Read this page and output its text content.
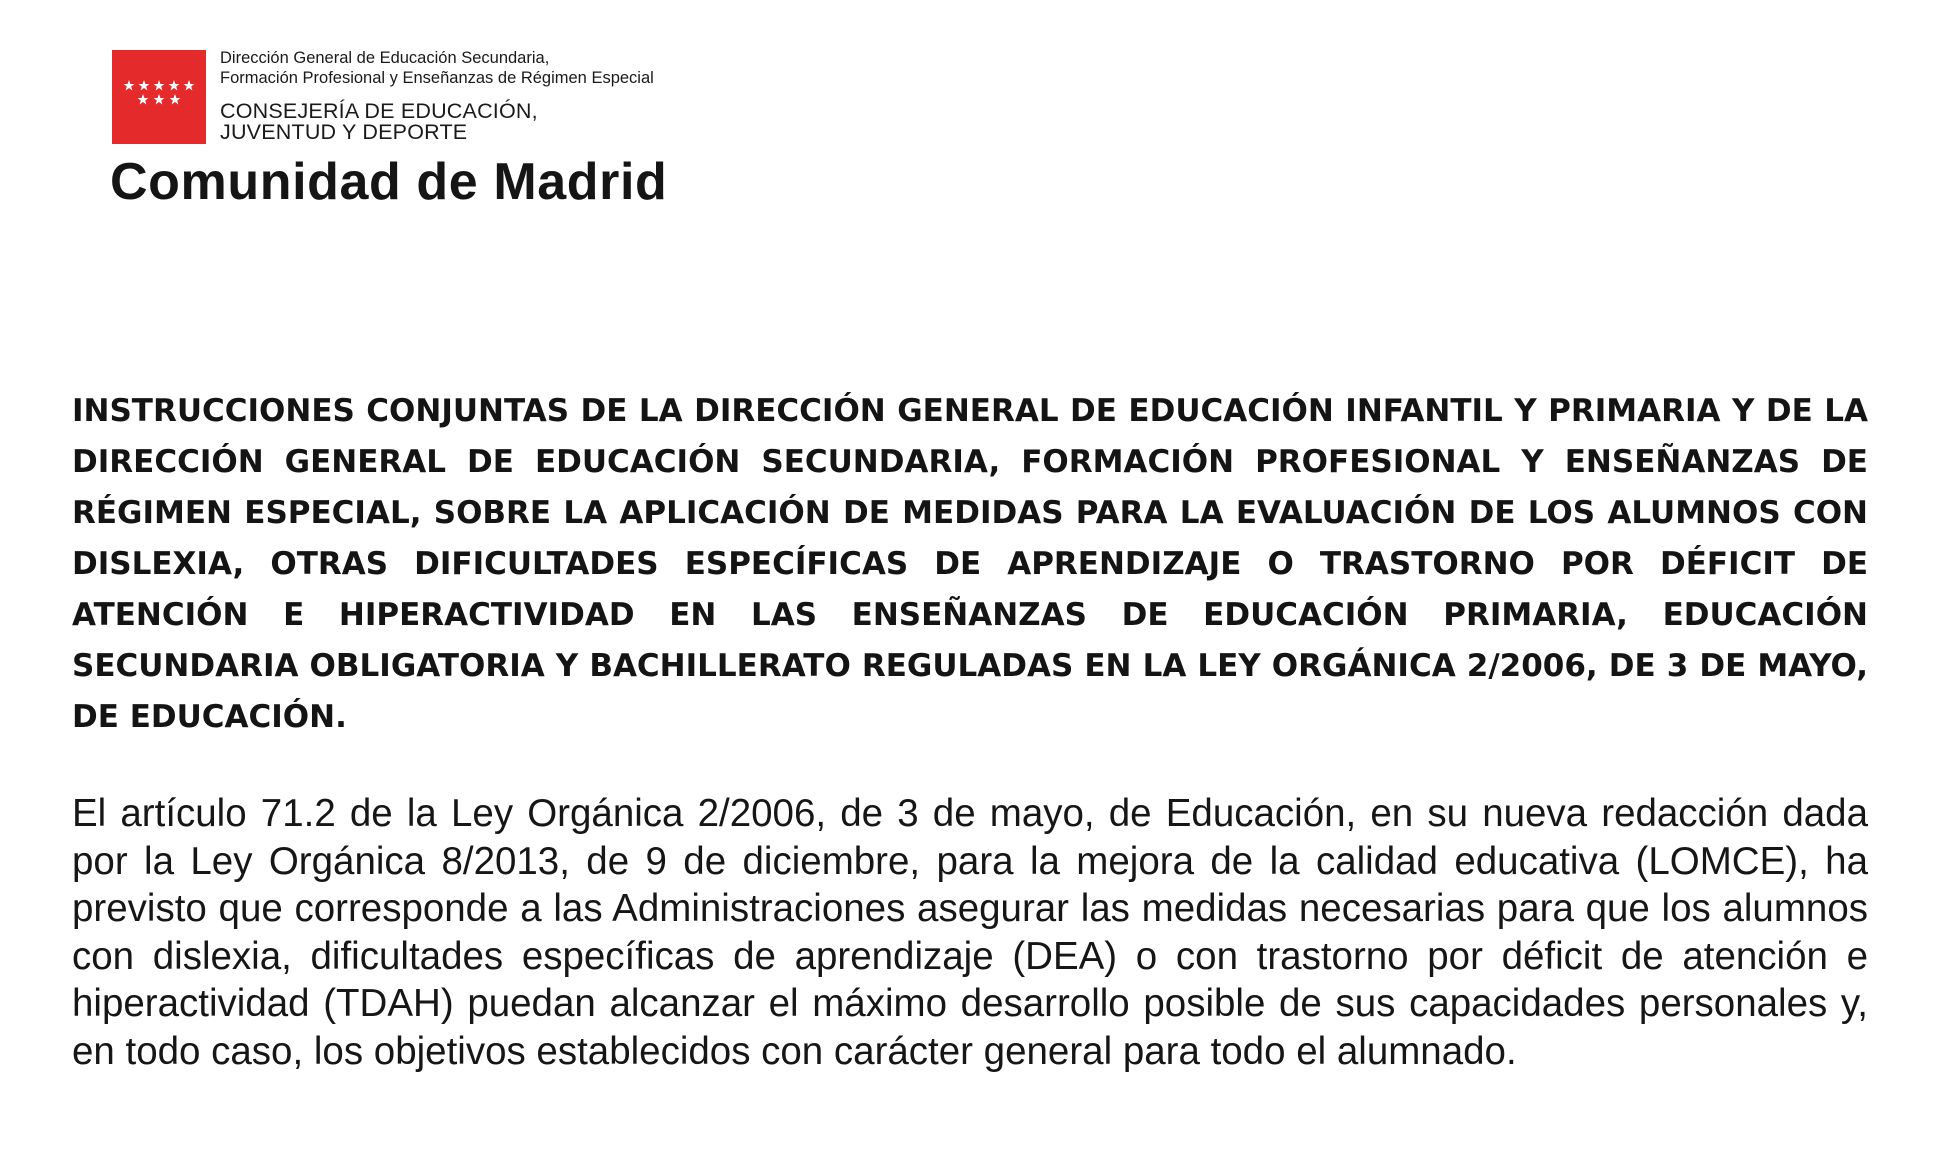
Dirección General de Educación Secundaria,
Formación Profesional y Enseñanzas de Régimen Especial
CONSEJERÍA DE EDUCACIÓN,
JUVENTUD Y DEPORTE
Comunidad de Madrid
INSTRUCCIONES CONJUNTAS DE LA DIRECCIÓN GENERAL DE EDUCACIÓN INFANTIL Y PRIMARIA Y DE LA DIRECCIÓN GENERAL DE EDUCACIÓN SECUNDARIA, FORMACIÓN PROFESIONAL Y ENSEÑANZAS DE RÉGIMEN ESPECIAL, SOBRE LA APLICACIÓN DE MEDIDAS PARA LA EVALUACIÓN DE LOS ALUMNOS CON DISLEXIA, OTRAS DIFICULTADES ESPECÍFICAS DE APRENDIZAJE O TRASTORNO POR DÉFICIT DE ATENCIÓN E HIPERACTIVIDAD EN LAS ENSEÑANZAS DE EDUCACIÓN PRIMARIA, EDUCACIÓN SECUNDARIA OBLIGATORIA Y BACHILLERATO REGULADAS EN LA LEY ORGÁNICA 2/2006, DE 3 DE MAYO, DE EDUCACIÓN.
El artículo 71.2 de la Ley Orgánica 2/2006, de 3 de mayo, de Educación, en su nueva redacción dada por la Ley Orgánica 8/2013, de 9 de diciembre, para la mejora de la calidad educativa (LOMCE), ha previsto que corresponde a las Administraciones asegurar las medidas necesarias para que los alumnos con dislexia, dificultades específicas de aprendizaje (DEA) o con trastorno por déficit de atención e hiperactividad (TDAH) puedan alcanzar el máximo desarrollo posible de sus capacidades personales y, en todo caso, los objetivos establecidos con carácter general para todo el alumnado.
